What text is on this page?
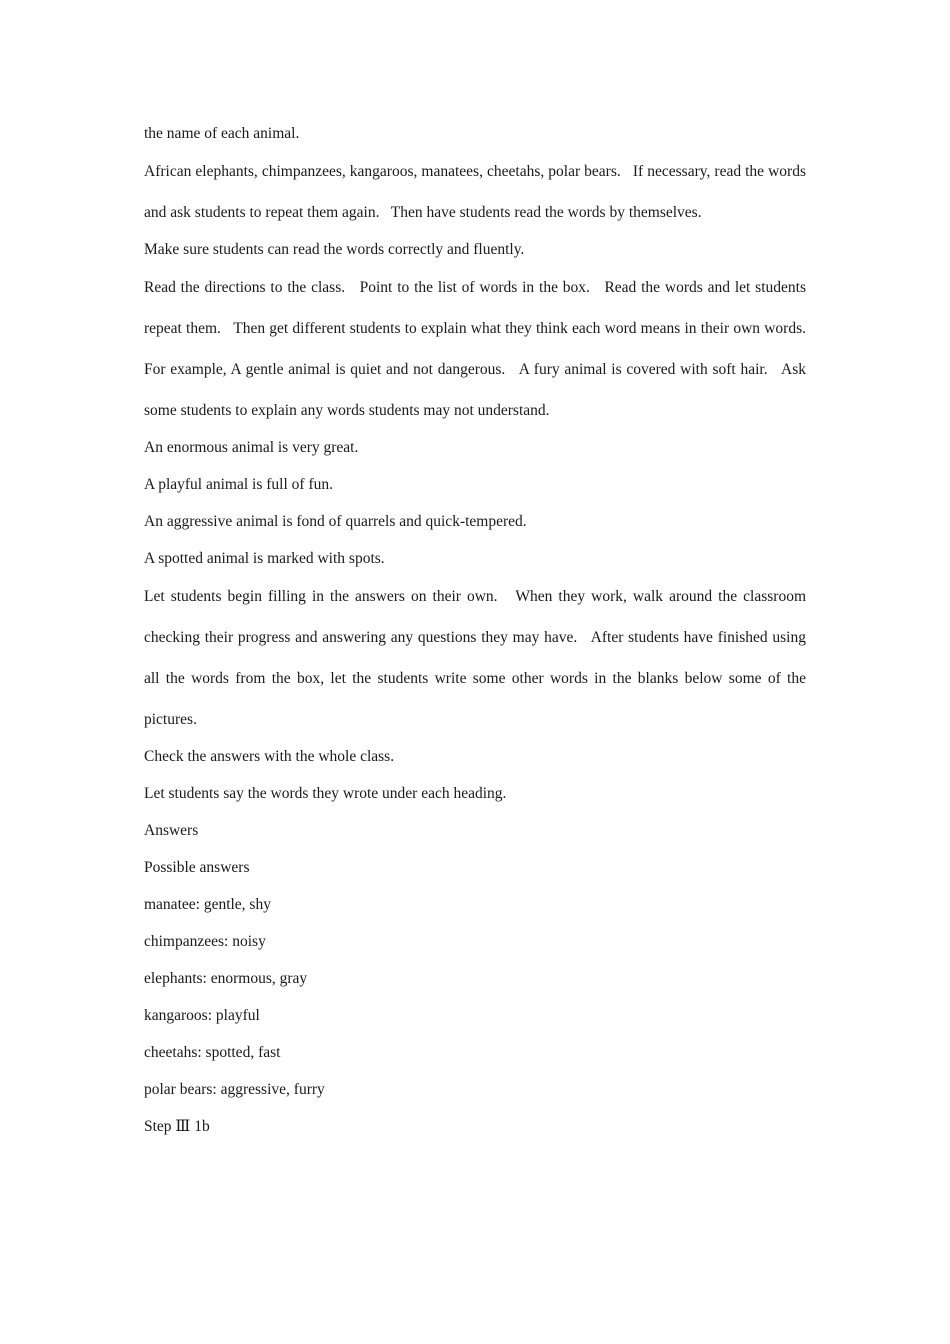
the name of each animal.

African elephants, chimpanzees, kangaroos, manatees, cheetahs, polar bears.   If necessary, read the words and ask students to repeat them again.   Then have students read the words by themselves.

Make sure students can read the words correctly and fluently.

Read the directions to the class.   Point to the list of words in the box.   Read the words and let students repeat them.   Then get different students to explain what they think each word means in their own words.   For example, A gentle animal is quiet and not dangerous.   A fury animal is covered with soft hair.   Ask some students to explain any words students may not understand.

An enormous animal is very great.

A playful animal is full of fun.

An aggressive animal is fond of quarrels and quick-tempered.

A spotted animal is marked with spots.

Let students begin filling in the answers on their own.   When they work, walk around the classroom checking their progress and answering any questions they may have.   After students have finished using all the words from the box, let the students write some other words in the blanks below some of the pictures.

Check the answers with the whole class.

Let students say the words they wrote under each heading.

Answers

Possible answers

manatee: gentle, shy

chimpanzees: noisy

elephants: enormous, gray

kangaroos: playful

cheetahs: spotted, fast

polar bears: aggressive, furry

Step Ⅲ 1b
